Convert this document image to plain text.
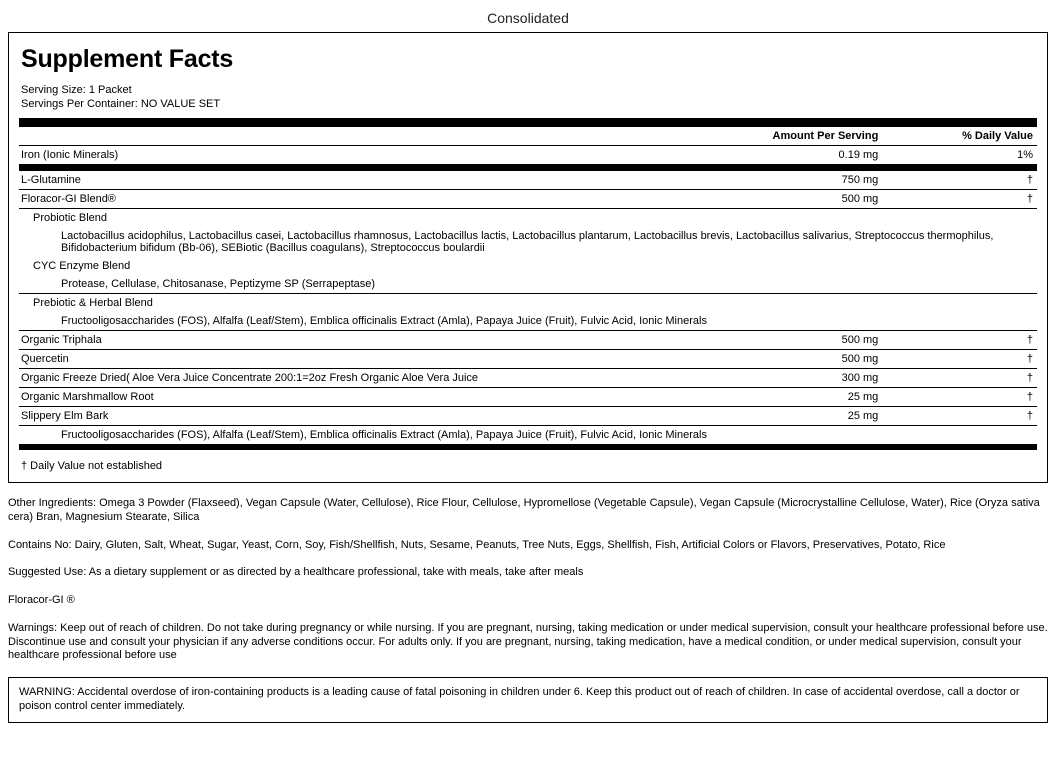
Consolidated
Supplement Facts
Serving Size: 1 Packet
Servings Per Container: NO VALUE SET

	Amount Per Serving	% Daily Value
Iron (Ionic Minerals)	0.19 mg	1%

L-Glutamine	750 mg	†
Floracor-GI Blend®	500 mg	†
Probiotic Blend		
Lactobacillus acidophilus, Lactobacillus casei, Lactobacillus rhamnosus, Lactobacillus lactis, Lactobacillus plantarum, Lactobacillus brevis, Lactobacillus salivarius, Streptococcus thermophilus, Bifidobacterium bifidum (Bb-06), SEBiotic (Bacillus coagulans), Streptococcus boulardii		
CYC Enzyme Blend		
Protease, Cellulase, Chitosanase, Peptizyme SP (Serrapeptase)		
Prebiotic & Herbal Blend		
Fructooligosaccharides (FOS), Alfalfa (Leaf/Stem), Emblica officinalis Extract (Amla), Papaya Juice (Fruit), Fulvic Acid, Ionic Minerals		
Organic Triphala	500 mg	†
Quercetin	500 mg	†
Organic Freeze Dried( Aloe Vera Juice Concentrate 200:1=2oz Fresh Organic Aloe Vera Juice	300 mg	†
Organic Marshmallow Root	25 mg	†
Slippery Elm Bark	25 mg	†
Fructooligosaccharides (FOS), Alfalfa (Leaf/Stem), Emblica officinalis Extract (Amla), Papaya Juice (Fruit), Fulvic Acid, Ionic Minerals		

† Daily Value not established
Other Ingredients: Omega 3 Powder (Flaxseed), Vegan Capsule (Water, Cellulose), Rice Flour, Cellulose, Hypromellose (Vegetable Capsule), Vegan Capsule (Microcrystalline Cellulose, Water), Rice (Oryza sativa cera) Bran, Magnesium Stearate, Silica
Contains No: Dairy, Gluten, Salt, Wheat, Sugar, Yeast, Corn, Soy, Fish/Shellfish, Nuts, Sesame, Peanuts, Tree Nuts, Eggs, Shellfish, Fish, Artificial Colors or Flavors, Preservatives, Potato, Rice
Suggested Use: As a dietary supplement or as directed by a healthcare professional, take with meals, take after meals
Floracor-GI ®
Warnings: Keep out of reach of children. Do not take during pregnancy or while nursing. If you are pregnant, nursing, taking medication or under medical supervision, consult your healthcare professional before use. Discontinue use and consult your physician if any adverse conditions occur. For adults only. If you are pregnant, nursing, taking medication, have a medical condition, or under medical supervision, consult your healthcare professional before use
WARNING: Accidental overdose of iron-containing products is a leading cause of fatal poisoning in children under 6. Keep this product out of reach of children. In case of accidental overdose, call a doctor or poison control center immediately.
